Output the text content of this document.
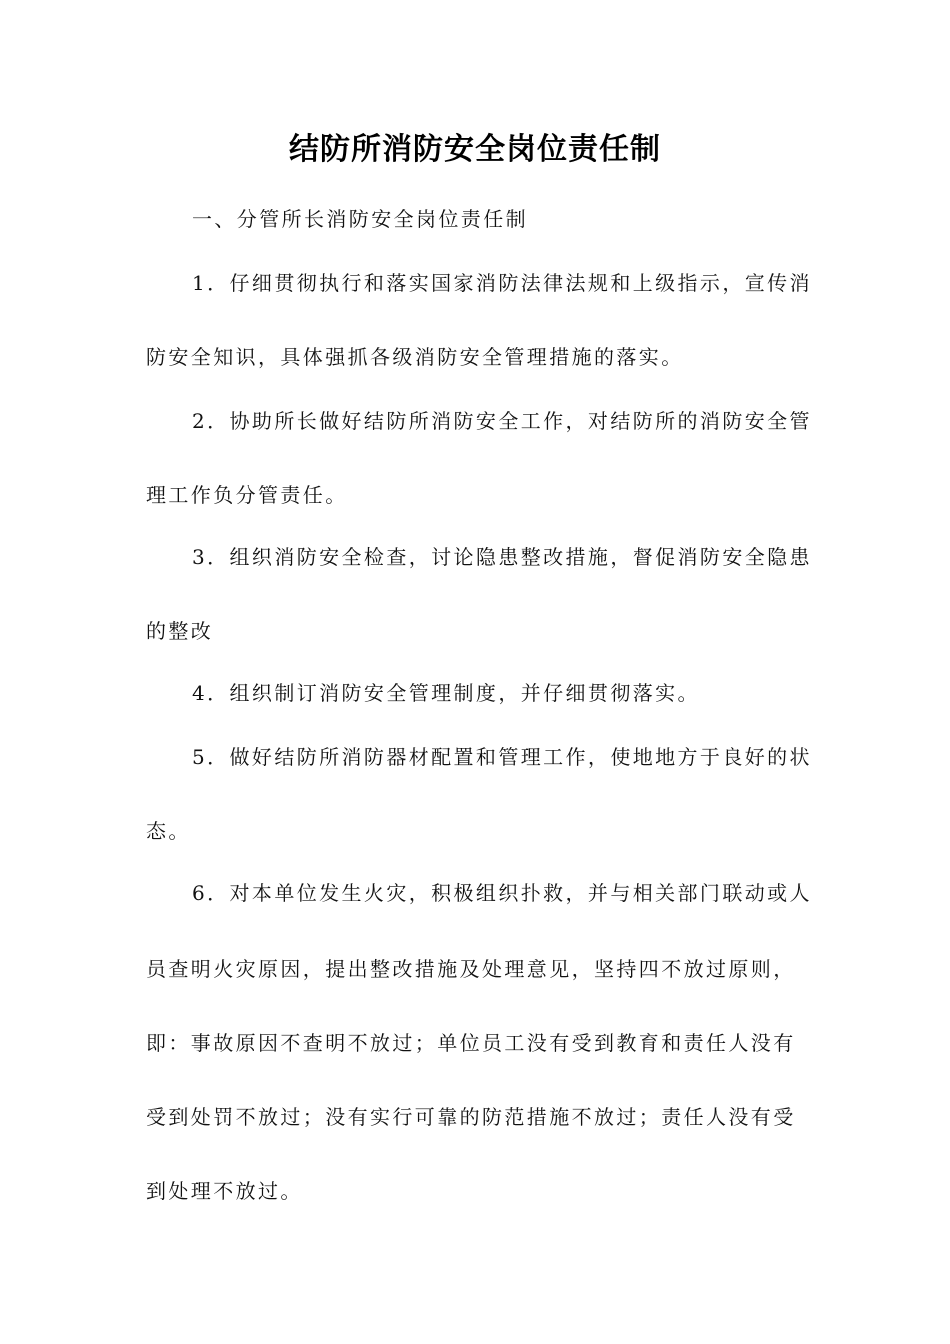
结防所消防安全岗位责任制
一、分管所长消防安全岗位责任制
1．仔细贯彻执行和落实国家消防法律法规和上级指示，宣传消
防安全知识，具体强抓各级消防安全管理措施的落实。
2．协助所长做好结防所消防安全工作，对结防所的消防安全管
理工作负分管责任。
3．组织消防安全检查，讨论隐患整改措施，督促消防安全隐患
的整改
4．组织制订消防安全管理制度，并仔细贯彻落实。
5．做好结防所消防器材配置和管理工作，使地地方于良好的状
态。
6．对本单位发生火灾，积极组织扑救，并与相关部门联动或人
员查明火灾原因，提出整改措施及处理意见，坚持四不放过原则，
即：事故原因不查明不放过；单位员工没有受到教育和责任人没有
受到处罚不放过；没有实行可靠的防范措施不放过；责任人没有受
到处理不放过。
